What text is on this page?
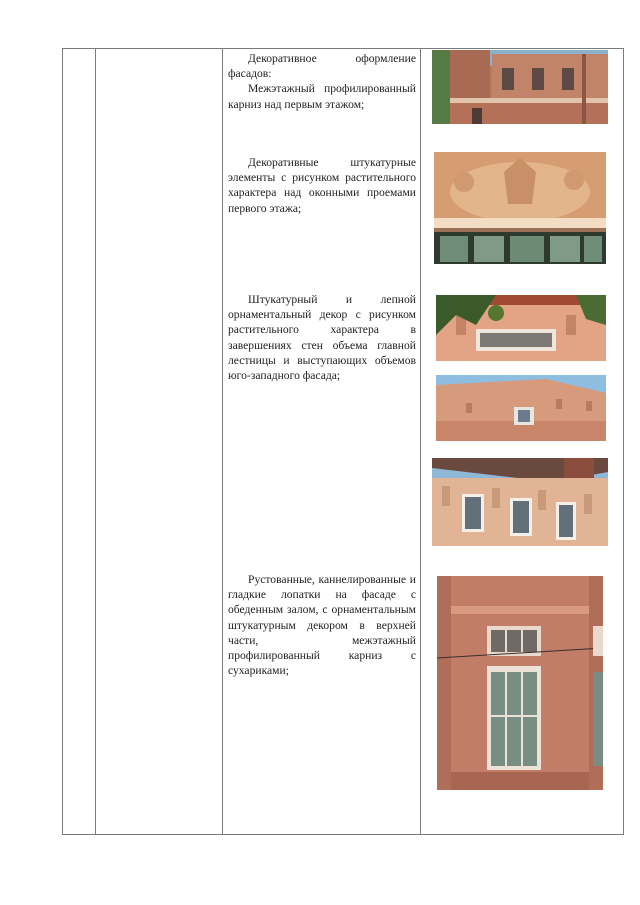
Декоративное оформление фасадов:

Межэтажный профилированный карниз над первым этажом;

Декоративные штукатурные элементы с рисунком растительного характера над оконными проемами первого этажа;

Штукатурный и лепной орнаментальный декор с рисунком растительного характера в завершениях стен объема главной лестницы и выступающих объемов юго-западного фасада;

Рустованные, каннелированные и гладкие лопатки на фасаде с обеденным залом, с орнаментальным штукатурным декором в верхней части, межэтажный профилированный карниз с сухариками;
